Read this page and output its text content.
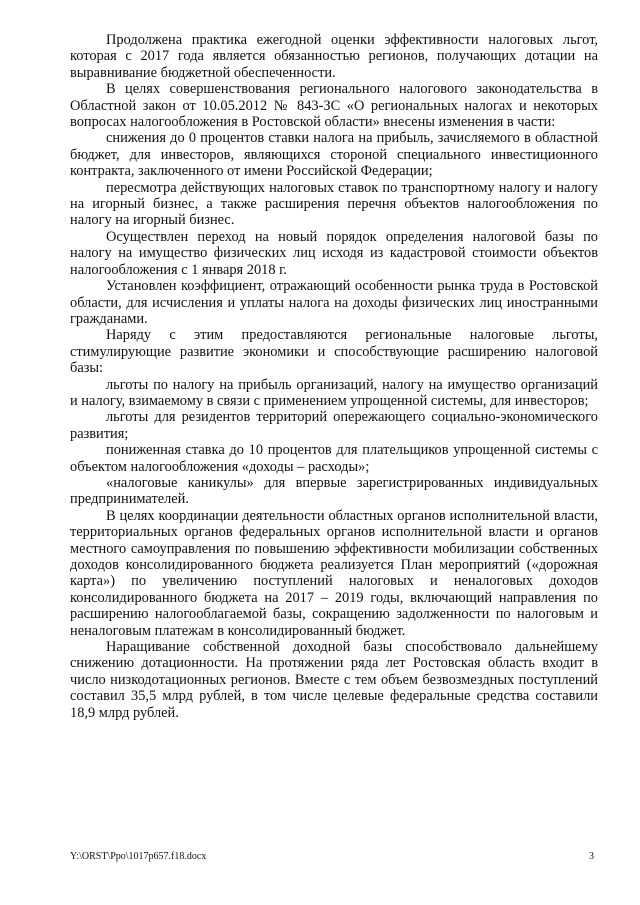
Продолжена практика ежегодной оценки эффективности налоговых льгот, которая с 2017 года является обязанностью регионов, получающих дотации на выравнивание бюджетной обеспеченности.

В целях совершенствования регионального налогового законодательства в Областной закон от 10.05.2012 № 843-ЗС «О региональных налогах и некоторых вопросах налогообложения в Ростовской области» внесены изменения в части:

снижения до 0 процентов ставки налога на прибыль, зачисляемого в областной бюджет, для инвесторов, являющихся стороной специального инвестиционного контракта, заключенного от имени Российской Федерации;

пересмотра действующих налоговых ставок по транспортному налогу и налогу на игорный бизнес, а также расширения перечня объектов налогообложения по налогу на игорный бизнес.

Осуществлен переход на новый порядок определения налоговой базы по налогу на имущество физических лиц исходя из кадастровой стоимости объектов налогообложения с 1 января 2018 г.

Установлен коэффициент, отражающий особенности рынка труда в Ростовской области, для исчисления и уплаты налога на доходы физических лиц иностранными гражданами.

Наряду с этим предоставляются региональные налоговые льготы, стимулирующие развитие экономики и способствующие расширению налоговой базы:

льготы по налогу на прибыль организаций, налогу на имущество организаций и налогу, взимаемому в связи с применением упрощенной системы, для инвесторов;

льготы для резидентов территорий опережающего социально-экономического развития;

пониженная ставка до 10 процентов для плательщиков упрощенной системы с объектом налогообложения «доходы – расходы»;

«налоговые каникулы» для впервые зарегистрированных индивидуальных предпринимателей.

В целях координации деятельности областных органов исполнительной власти, территориальных органов федеральных органов исполнительной власти и органов местного самоуправления по повышению эффективности мобилизации собственных доходов консолидированного бюджета реализуется План мероприятий («дорожная карта») по увеличению поступлений налоговых и неналоговых доходов консолидированного бюджета на 2017 – 2019 годы, включающий направления по расширению налогооблагаемой базы, сокращению задолженности по налоговым и неналоговым платежам в консолидированный бюджет.

Наращивание собственной доходной базы способствовало дальнейшему снижению дотационности. На протяжении ряда лет Ростовская область входит в число низкодотационных регионов. Вместе с тем объем безвозмездных поступлений составил 35,5 млрд рублей, в том числе целевые федеральные средства составили 18,9 млрд рублей.

Y:\ORST\Ppo\1017p657.f18.docx	3
